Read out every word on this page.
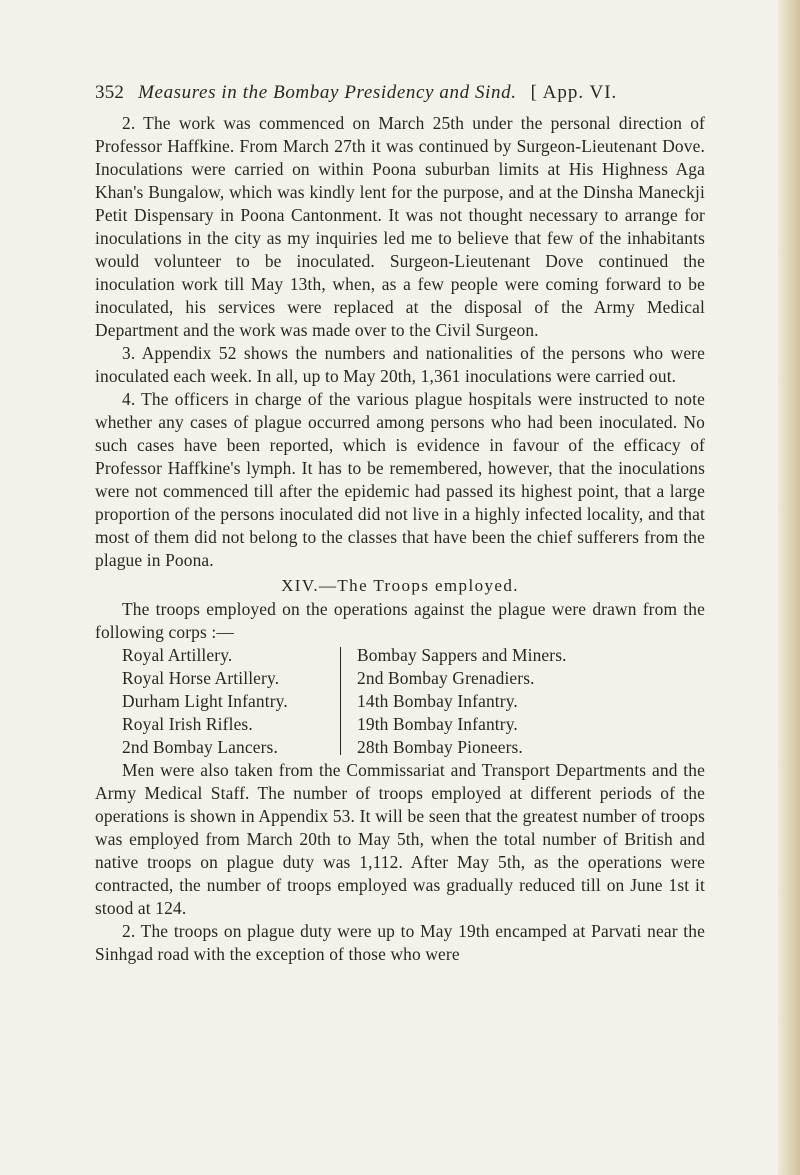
352 Measures in the Bombay Presidency and Sind. [ App. VI.

2. The work was commenced on March 25th under the personal direction of Professor Haffkine. From March 27th it was continued by Surgeon-Lieutenant Dove. Inoculations were carried on within Poona suburban limits at His Highness Aga Khan's Bungalow, which was kindly lent for the purpose, and at the Dinsha Maneckji Petit Dispensary in Poona Cantonment. It was not thought necessary to arrange for inoculations in the city as my inquiries led me to believe that few of the inhabitants would volunteer to be inoculated. Surgeon-Lieutenant Dove continued the inoculation work till May 13th, when, as a few people were coming forward to be inoculated, his services were replaced at the disposal of the Army Medical Department and the work was made over to the Civil Surgeon.

3. Appendix 52 shows the numbers and nationalities of the persons who were inoculated each week. In all, up to May 20th, 1,361 inoculations were carried out.

4. The officers in charge of the various plague hospitals were instructed to note whether any cases of plague occurred among persons who had been inoculated. No such cases have been reported, which is evidence in favour of the efficacy of Professor Haffkine's lymph. It has to be remembered, however, that the inoculations were not commenced till after the epidemic had passed its highest point, that a large proportion of the persons inoculated did not live in a highly infected locality, and that most of them did not belong to the classes that have been the chief sufferers from the plague in Poona.

XIV.—The Troops employed.

The troops employed on the operations against the plague were drawn from the following corps :—

Royal Artillery.
Royal Horse Artillery.
Durham Light Infantry.
Royal Irish Rifles.
2nd Bombay Lancers.
Bombay Sappers and Miners.
2nd Bombay Grenadiers.
14th Bombay Infantry.
19th Bombay Infantry.
28th Bombay Pioneers.

Men were also taken from the Commissariat and Transport Departments and the Army Medical Staff. The number of troops employed at different periods of the operations is shown in Appendix 53. It will be seen that the greatest number of troops was employed from March 20th to May 5th, when the total number of British and native troops on plague duty was 1,112. After May 5th, as the operations were contracted, the number of troops employed was gradually reduced till on June 1st it stood at 124.

2. The troops on plague duty were up to May 19th encamped at Parvati near the Sinhgad road with the exception of those who were
